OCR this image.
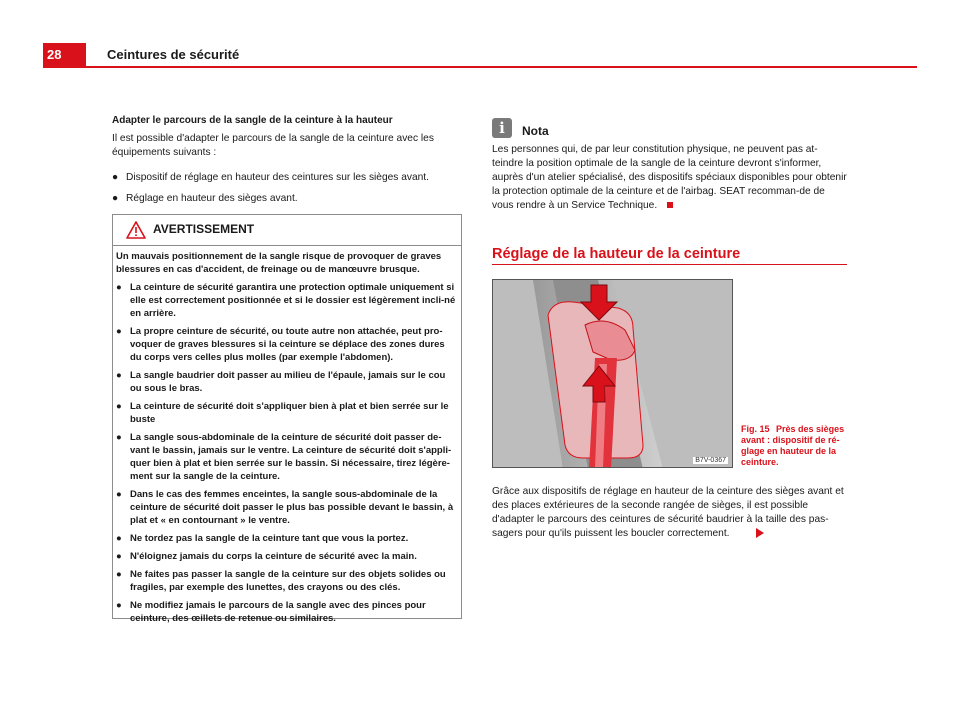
28	Ceintures de sécurité

Adapter le parcours de la sangle de la ceinture à la hauteur

Il est possible d'adapter le parcours de la sangle de la ceinture avec les équipements suivants :

● Dispositif de réglage en hauteur des ceintures sur les sièges avant.
● Réglage en hauteur des sièges avant.
AVERTISSEMENT

Un mauvais positionnement de la sangle risque de provoquer de graves blessures en cas d'accident, de freinage ou de manœuvre brusque.

● La ceinture de sécurité garantira une protection optimale uniquement si elle est correctement positionnée et si le dossier est légèrement incli-né en arrière.

● La propre ceinture de sécurité, ou toute autre non attachée, peut pro-voquer de graves blessures si la ceinture se déplace des zones dures du corps vers celles plus molles (par exemple l'abdomen).

● La sangle baudrier doit passer au milieu de l'épaule, jamais sur le cou ou sous le bras.

● La ceinture de sécurité doit s'appliquer bien à plat et bien serrée sur le buste

● La sangle sous-abdominale de la ceinture de sécurité doit passer de-vant le bassin, jamais sur le ventre. La ceinture de sécurité doit s'appli-quer bien à plat et bien serrée sur le bassin. Si nécessaire, tirez légère-ment sur la sangle de la ceinture.

● Dans le cas des femmes enceintes, la sangle sous-abdominale de la ceinture de sécurité doit passer le plus bas possible devant le bassin, à plat et « en contournant » le ventre.

● Ne tordez pas la sangle de la ceinture tant que vous la portez.

● N'éloignez jamais du corps la ceinture de sécurité avec la main.

● Ne faites pas passer la sangle de la ceinture sur des objets solides ou fragiles, par exemple des lunettes, des crayons ou des clés.

● Ne modifiez jamais le parcours de la sangle avec des pinces pour ceinture, des œillets de retenue ou similaires.

i	Nota

Les personnes qui, de par leur constitution physique, ne peuvent pas at-teindre la position optimale de la sangle de la ceinture devront s'informer, auprès d'un atelier spécialisé, des dispositifs spéciaux disponibles pour obtenir la protection optimale de la ceinture et de l'airbag. SEAT recomman-de de vous rendre à un Service Technique.

Réglage de la hauteur de la ceinture
B7V-0367
Fig. 15 Près des sièges avant : dispositif de ré-glage en hauteur de la ceinture.

Grâce aux dispositifs de réglage en hauteur de la ceinture des sièges avant et des places extérieures de la seconde rangée de sièges, il est possible d'adapter le parcours des ceintures de sécurité baudrier à la taille des pas-sagers pour qu'ils puissent les boucler correctement.
